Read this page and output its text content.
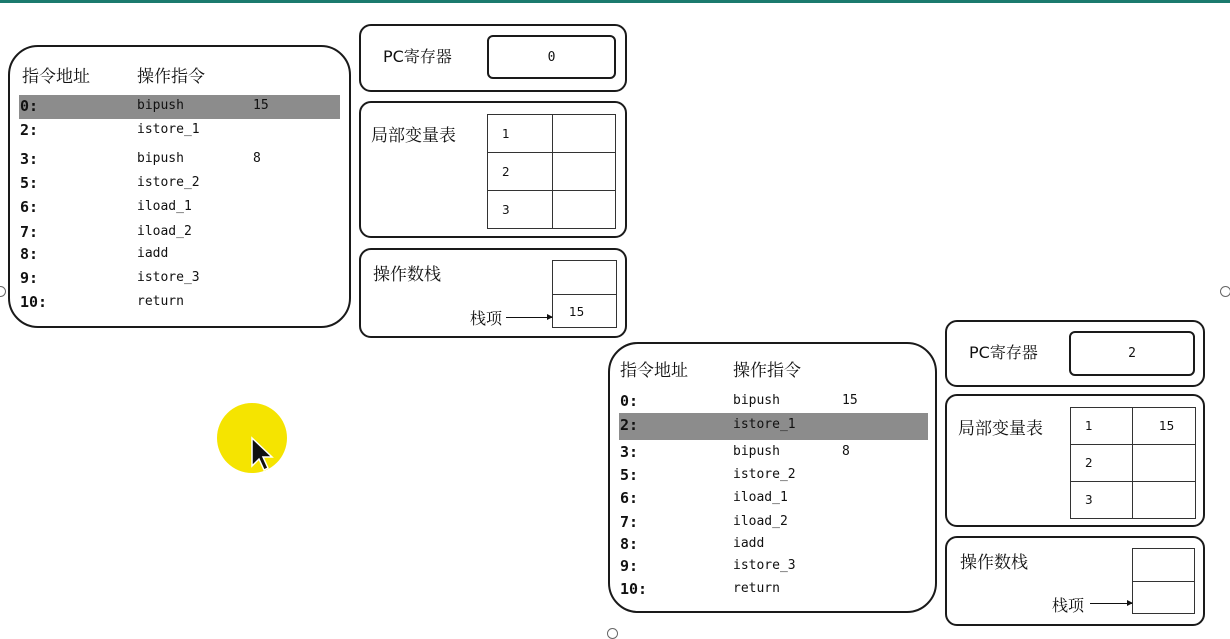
指令地址	操作指令
0:	bipush	15
2:	istore_1
3:	bipush	8
5:	istore_2
6:	iload_1
7:	iload_2
8:	iadd
9:	istore_3
10:	return
PC寄存器	0
局部变量表	1	
2	
3	
操作数栈
15
栈项
指令地址	操作指令
0:	bipush	15
2:	istore_1
3:	bipush	8
5:	istore_2
6:	iload_1
7:	iload_2
8:	iadd
9:	istore_3
10:	return
PC寄存器	2
局部变量表	1	15
2	
3	
操作数栈
栈项
